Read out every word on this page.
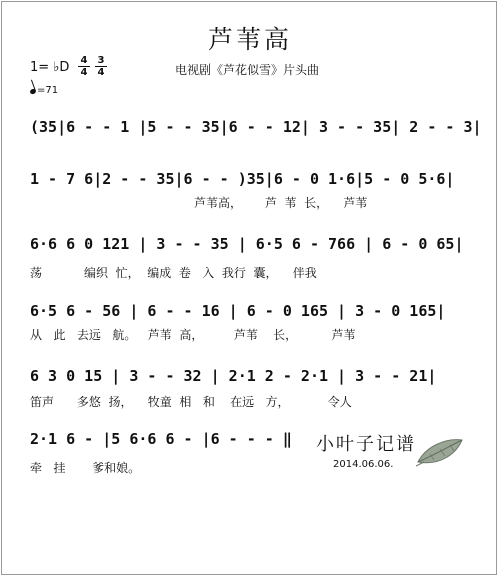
芦苇高
1= ♭D 4
4
3
4	电视剧《芦花似雪》片头曲
=71
(35|6 - - 1 |5 - - 35|6 - - 12| 3 - - 35| 2 - - 3|
1 - 7 6|2 - - 35|6 - - )35|6 - 0 1·6|5 - 0 5·6|
芦苇高，      芦  苇  长，    芦苇
6·6 6 0 121 | 3 - - 35 | 6·5 6 - 766 | 6 - 0 65|
荡           编织  忙，  编成  卷   入  我行  囊，    伴我
6·5 6 - 56 | 6 - - 16 | 6 - 0 165 | 3 - 0 165|
从   此   去远   航。   芦苇  高，        芦苇    长，         芦苇
6 3 0 15 | 3 - - 32 | 2·1 2 - 2·1 | 3 - - 21|
笛声      多悠  扬，    牧童  相   和    在远   方，          令人
2·1 6 - |5 6·6 6 - |6 - - - ‖
牵   挂       爹和娘。
小叶子记谱
2014.06.06.
